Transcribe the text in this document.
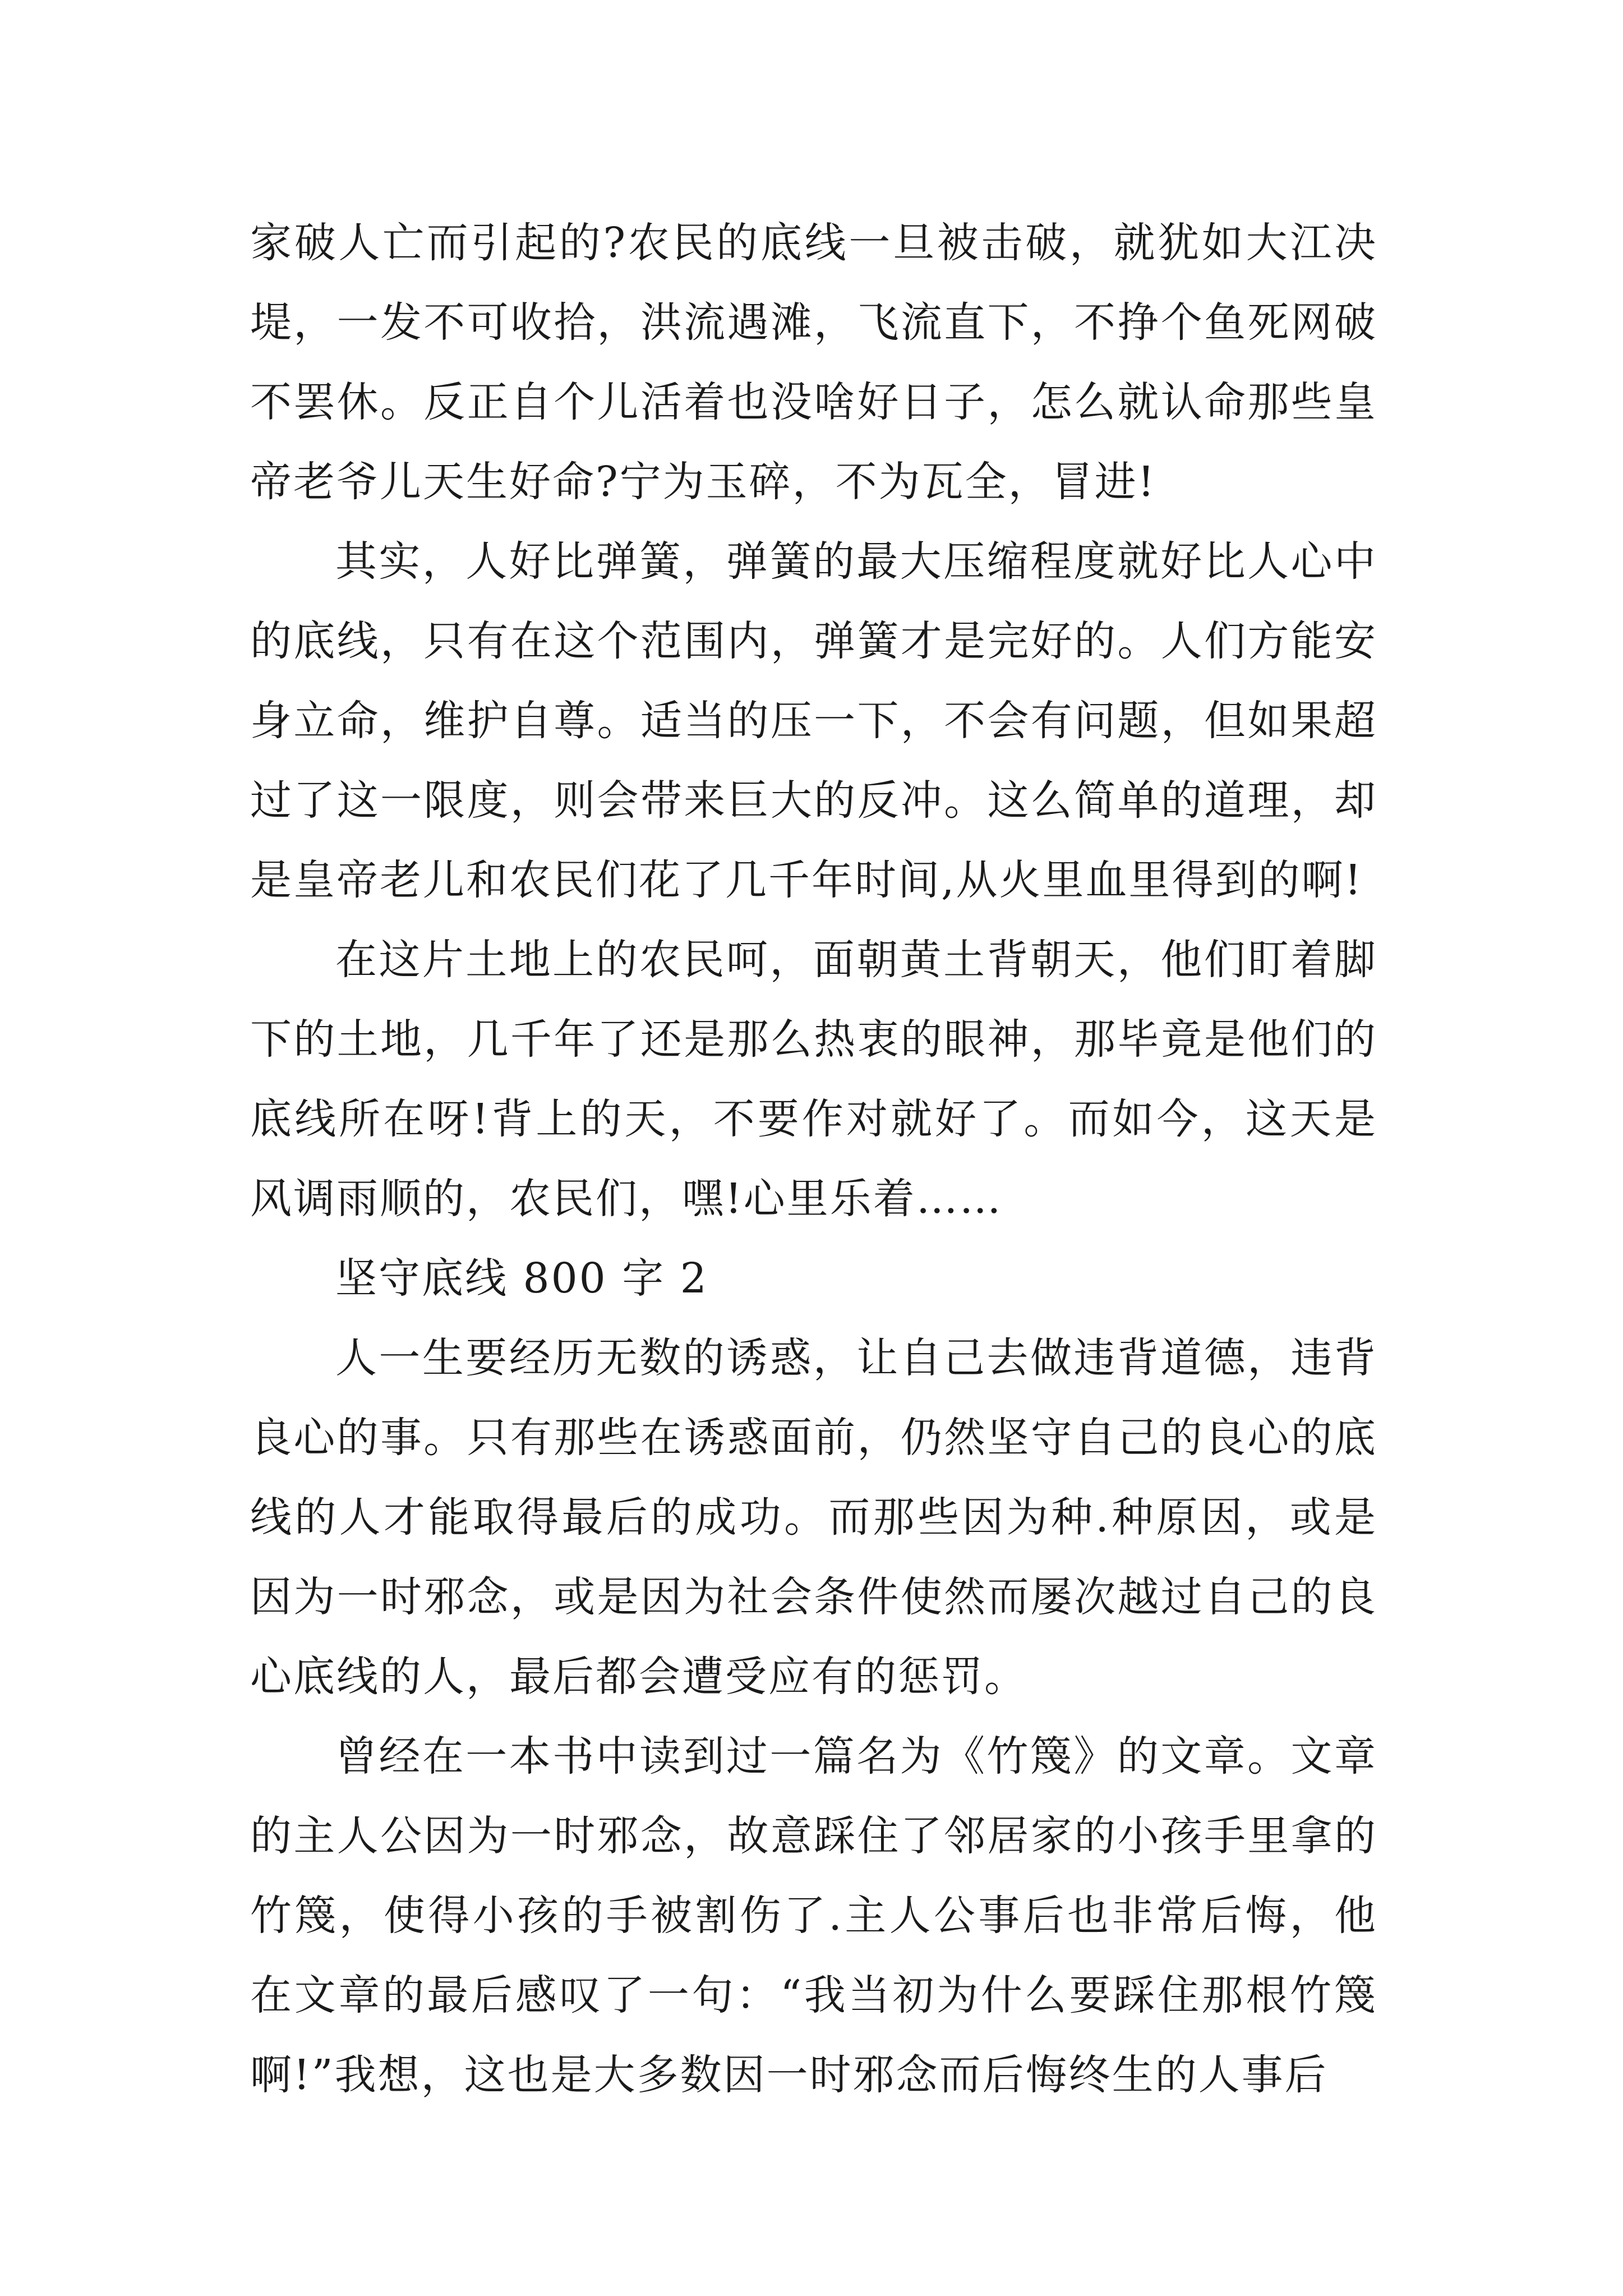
家破人亡而引起的?农民的底线一旦被击破，就犹如大江决堤，一发不可收拾，洪流遇滩，飞流直下，不挣个鱼死网破不罢休。反正自个儿活着也没啥好日子，怎么就认命那些皇帝老爷儿天生好命?宁为玉碎，不为瓦全，冒进!

其实，人好比弹簧，弹簧的最大压缩程度就好比人心中的底线，只有在这个范围内，弹簧才是完好的。人们方能安身立命，维护自尊。适当的压一下，不会有问题，但如果超过了这一限度，则会带来巨大的反冲。这么简单的道理，却是皇帝老儿和农民们花了几千年时间,从火里血里得到的啊!

在这片土地上的农民呵，面朝黄土背朝天，他们盯着脚下的土地，几千年了还是那么热衷的眼神，那毕竟是他们的底线所在呀!背上的天，不要作对就好了。而如今，这天是风调雨顺的，农民们，嘿!心里乐着……

坚守底线 800 字 2

人一生要经历无数的诱惑，让自己去做违背道德，违背良心的事。只有那些在诱惑面前，仍然坚守自己的良心的底线的人才能取得最后的成功。而那些因为种.种原因，或是因为一时邪念，或是因为社会条件使然而屡次越过自己的良心底线的人，最后都会遭受应有的惩罚。

曾经在一本书中读到过一篇名为《竹篾》的文章。文章的主人公因为一时邪念，故意踩住了邻居家的小孩手里拿的竹篾，使得小孩的手被割伤了.主人公事后也非常后悔，他在文章的最后感叹了一句：“我当初为什么要踩住那根竹篾啊!”我想，这也是大多数因一时邪念而后悔终生的人事后
